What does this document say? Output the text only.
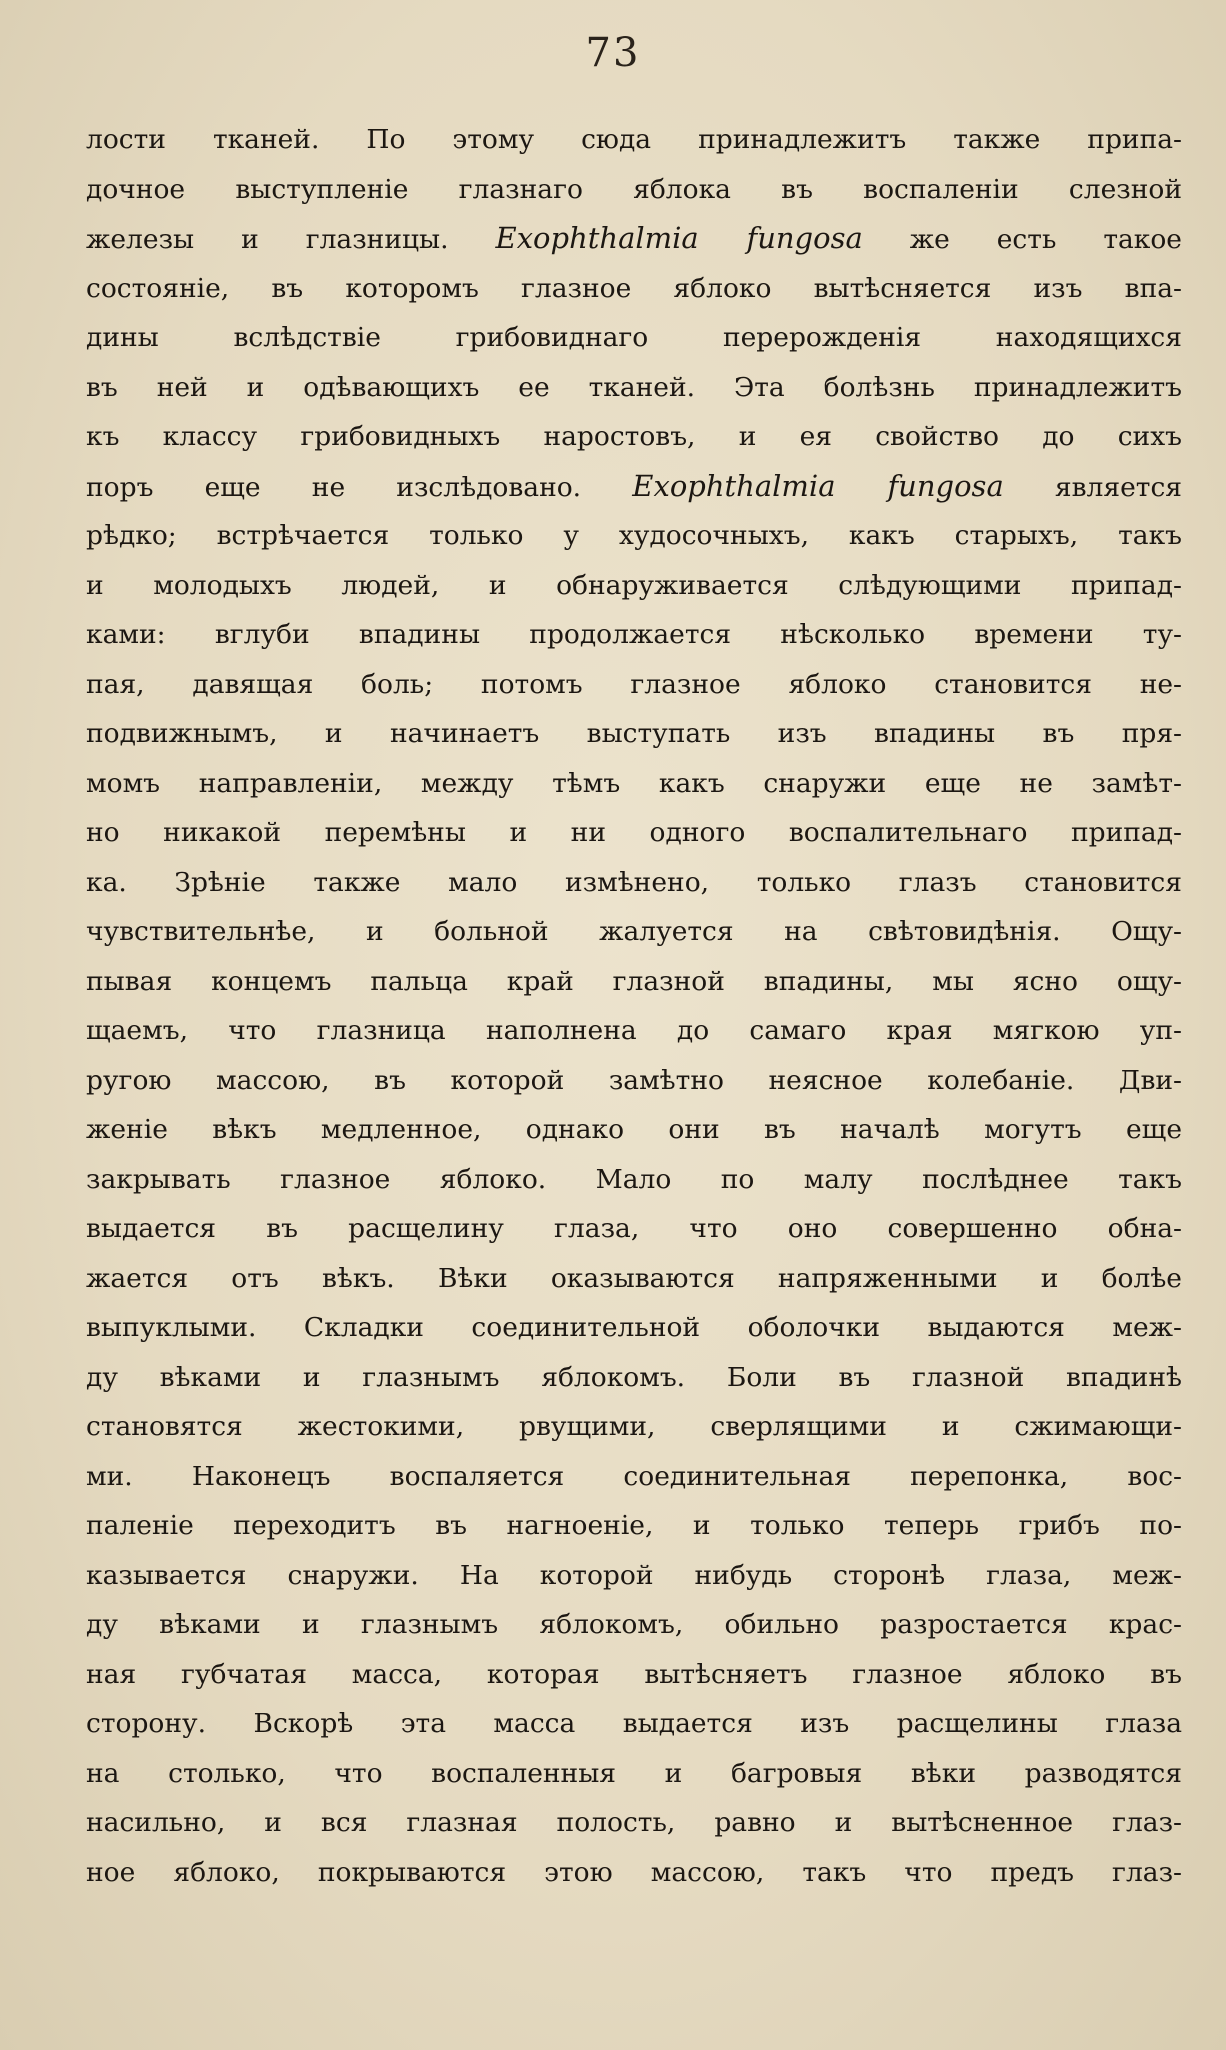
73
лости тканей. По этому сюда принадлежитъ также припа-
дочное выступленіе глазнаго яблока въ воспаленіи слезной
железы и глазницы. Exophthalmia fungosa же есть такое
состояніе, въ которомъ глазное яблоко вытѣсняется изъ впа-
дины вслѣдствіе грибовиднаго перерожденія находящихся
въ ней и одѣвающихъ ее тканей. Эта болѣзнь принадлежитъ
къ классу грибовидныхъ наростовъ, и ея свойство до сихъ
поръ еще не изслѣдовано. Exophthalmia fungosa является
рѣдко; встрѣчается только у худосочныхъ, какъ старыхъ, такъ
и молодыхъ людей, и обнаруживается слѣдующими припад-
ками: вглуби впадины продолжается нѣсколько времени ту-
пая, давящая боль; потомъ глазное яблоко становится не-
подвижнымъ, и начинаетъ выступать изъ впадины въ пря-
момъ направленіи, между тѣмъ какъ снаружи еще не замѣт-
но никакой перемѣны и ни одного воспалительнаго припад-
ка. Зрѣніе также мало измѣнено, только глазъ становится
чувствительнѣе, и больной жалуется на свѣтовидѣнія. Ощу-
пывая концемъ пальца край глазной впадины, мы ясно ощу-
щаемъ, что глазница наполнена до самаго края мягкою уп-
ругою массою, въ которой замѣтно неясное колебаніе. Дви-
женіе вѣкъ медленное, однако они въ началѣ могутъ еще
закрывать глазное яблоко. Мало по малу послѣднее такъ
выдается въ расщелину глаза, что оно совершенно обна-
жается отъ вѣкъ. Вѣки оказываются напряженными и болѣе
выпуклыми. Складки соединительной оболочки выдаются меж-
ду вѣками и глазнымъ яблокомъ. Боли въ глазной впадинѣ
становятся жестокими, рвущими, сверлящими и сжимающи-
ми. Наконецъ воспаляется соединительная перепонка, вос-
паленіе переходитъ въ нагноеніе, и только теперь грибъ по-
казывается снаружи. На которой нибудь сторонѣ глаза, меж-
ду вѣками и глазнымъ яблокомъ, обильно разростается крас-
ная губчатая масса, которая вытѣсняетъ глазное яблоко въ
сторону. Вскорѣ эта масса выдается изъ расщелины глаза
на столько, что воспаленныя и багровыя вѣки разводятся
насильно, и вся глазная полость, равно и вытѣсненное глаз-
ное яблоко, покрываются этою массою, такъ что предъ глаз-
